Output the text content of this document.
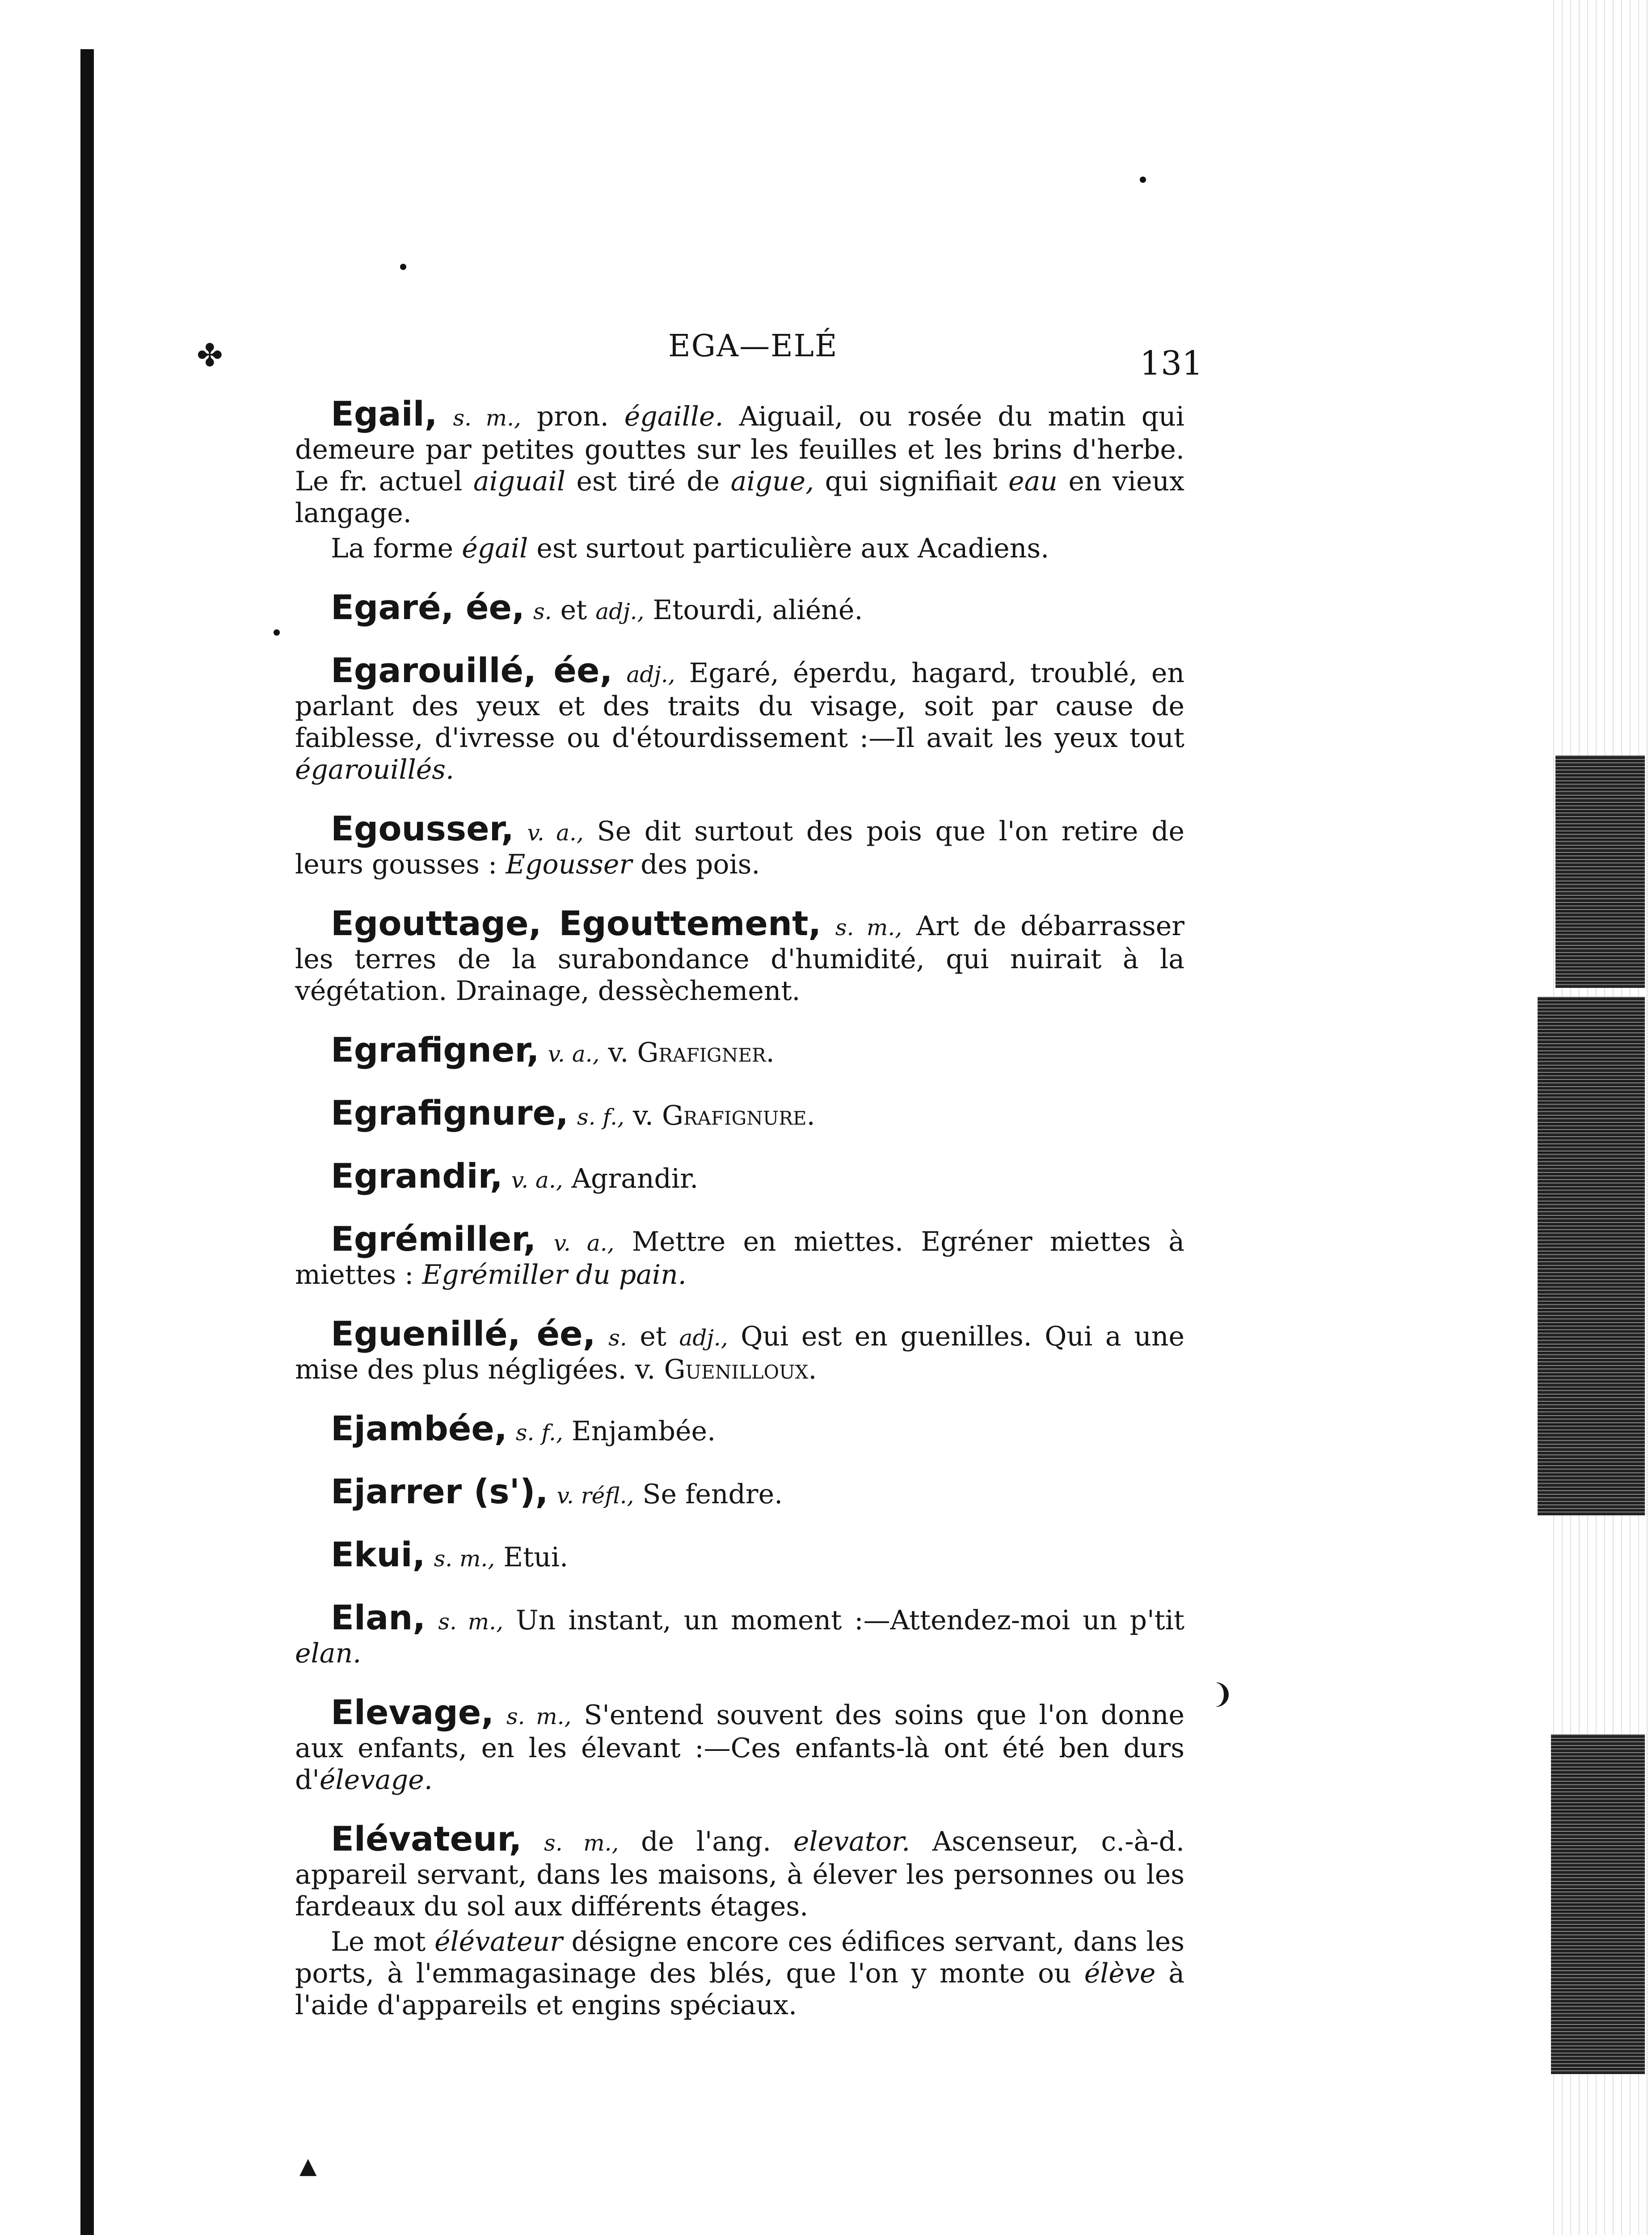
✤
▲
❩
EGA—ELÉ	131

Egail, s. m., pron. égaille. Aiguail, ou rosée du matin qui demeure par petites gouttes sur les feuilles et les brins d'herbe. Le fr. actuel aiguail est tiré de aigue, qui signifiait eau en vieux langage.

La forme égail est surtout particulière aux Acadiens.

Egaré, ée, s. et adj., Etourdi, aliéné.

Egarouillé, ée, adj., Egaré, éperdu, hagard, troublé, en parlant des yeux et des traits du visage, soit par cause de faiblesse, d'ivresse ou d'étourdissement :—Il avait les yeux tout égarouillés.

Egousser, v. a., Se dit surtout des pois que l'on retire de leurs gousses : Egousser des pois.

Egouttage, Egouttement, s. m., Art de débarrasser les terres de la surabondance d'humidité, qui nuirait à la végétation. Drainage, dessèchement.

Egrafigner, v. a., v. Grafigner.

Egrafignure, s. f., v. Grafignure.

Egrandir, v. a., Agrandir.

Egrémiller, v. a., Mettre en miettes. Egréner miettes à miettes : Egrémiller du pain.

Eguenillé, ée, s. et adj., Qui est en guenilles. Qui a une mise des plus négligées. v. Guenilloux.

Ejambée, s. f., Enjambée.

Ejarrer (s'), v. réfl., Se fendre.

Ekui, s. m., Etui.

Elan, s. m., Un instant, un moment :—Attendez-moi un p'tit elan.

Elevage, s. m., S'entend souvent des soins que l'on donne aux enfants, en les élevant :—Ces enfants-là ont été ben durs d'élevage.

Elévateur, s. m., de l'ang. elevator. Ascenseur, c.-à-d. appareil servant, dans les maisons, à élever les personnes ou les fardeaux du sol aux différents étages.

Le mot élévateur désigne encore ces édifices servant, dans les ports, à l'emmagasinage des blés, que l'on y monte ou élève à l'aide d'appareils et engins spéciaux.
